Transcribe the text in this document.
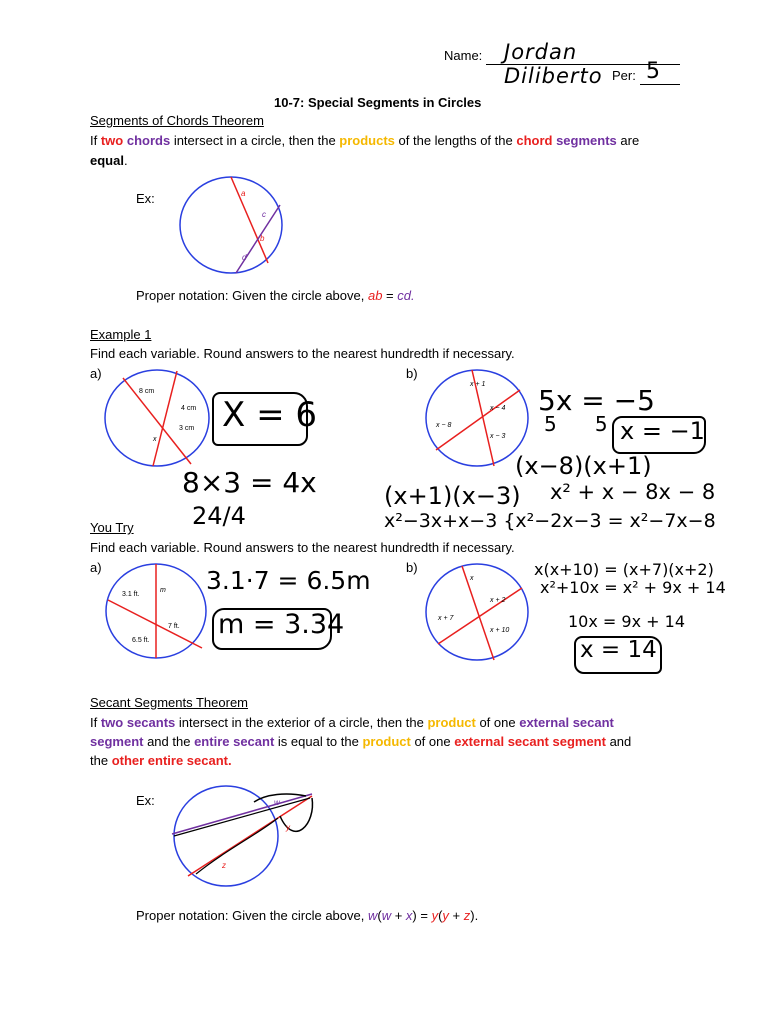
Name: Jordan Diliberto Per: 5
10-7: Special Segments in Circles
Segments of Chords Theorem
If two chords intersect in a circle, then the products of the lengths of the chord segments are
equal.
Ex:	a
c
b
d
Proper notation: Given the circle above, ab = cd.
Example 1
Find each variable. Round answers to the nearest hundredth if necessary.
a)	b)
8 cm
4 cm
3 cm
x
X = 6
8×3 = 4x
24/4
x + 1
x − 4
x − 8
x − 3
5x = −5
5      5 x = −1
(x−8)(x+1)
(x+1)(x−3) x² + x − 8x − 8
x²−3x+x−3 {x²−2x−3 = x²−7x−8
You Try
Find each variable. Round answers to the nearest hundredth if necessary.
a)	b)
m
3.1 ft.
7 ft.
6.5 ft.
3.1·7 = 6.5m
m = 3.34
x
x + 2
x + 7
x + 10
x(x+10) = (x+7)(x+2)
x²+10x = x² + 9x + 14
10x = 9x + 14
x = 14
Secant Segments Theorem
If two secants intersect in the exterior of a circle, then the product of one external secant
segment and the entire secant is equal to the product of one external secant segment and
the other entire secant.
Ex:	w
y
z
Proper notation: Given the circle above, w(w + x) = y(y + z).
